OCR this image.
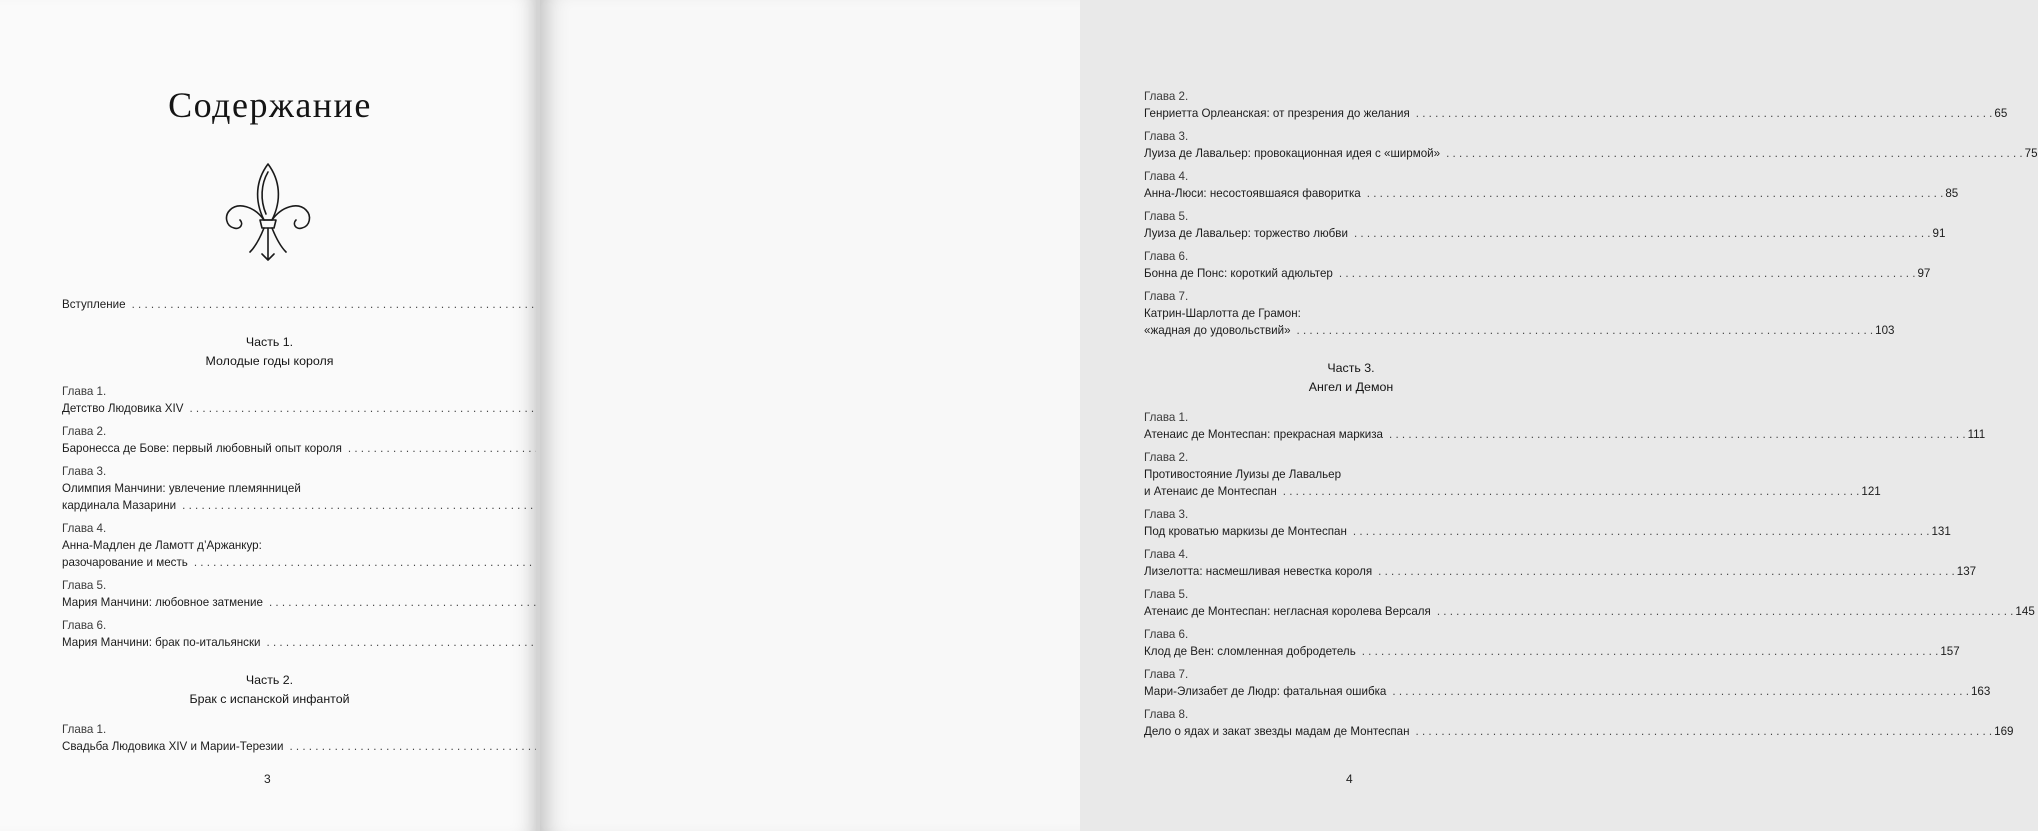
Содержание
Вступление
. . .
Часть 1.
Молодые годы короля
Глава 1.
Детство Людовика XIV
. . .
Глава 2.
Баронесса де Бове: первый любовный опыт короля
. . .
Глава 3.
Олимпия Манчини: увлечение племянницей
кардинала Мазарини
. . .
Глава 4.
Анна-Мадлен де Ламотт д’Аржанкур:
разочарование и месть
. . .
Глава 5.
Мария Манчини: любовное затмение
. . .
Глава 6.
Мария Манчини: брак по-итальянски
. . .
Часть 2.
Брак с испанской инфантой
Глава 1.
Свадьба Людовика XIV и Марии-Терезии
. . .
3
Глава 2.
Генриетта Орлеанская: от презрения до желания . . .	65
Глава 3.
Луиза де Лавальер: провокационная идея с «ширмой» . . .	75
Глава 4.
Анна-Люси: несостоявшаяся фаворитка . . .	85
Глава 5.
Луиза де Лавальер: торжество любви . . .	91
Глава 6.
Бонна де Понс: короткий адюльтер . . .	97
Глава 7.
Катрин-Шарлотта де Грамон:
«жадная до удовольствий» . . .	103
Часть 3.
Ангел и Демон
Глава 1.
Атенаис де Монтеспан: прекрасная маркиза . . .	111
Глава 2.
Противостояние Луизы де Лавальер
и Атенаис де Монтеспан . . .	121
Глава 3.
Под кроватью маркизы де Монтеспан . . .	131
Глава 4.
Лизелотта: насмешливая невестка короля . . .	137
Глава 5.
Атенаис де Монтеспан: негласная королева Версаля . . .	145
Глава 6.
Клод де Вен: сломленная добродетель . . .	157
Глава 7.
Мари-Элизабет де Людр: фатальная ошибка . . .	163
Глава 8.
Дело о ядах и закат звезды мадам де Монтеспан . . .	169
4
